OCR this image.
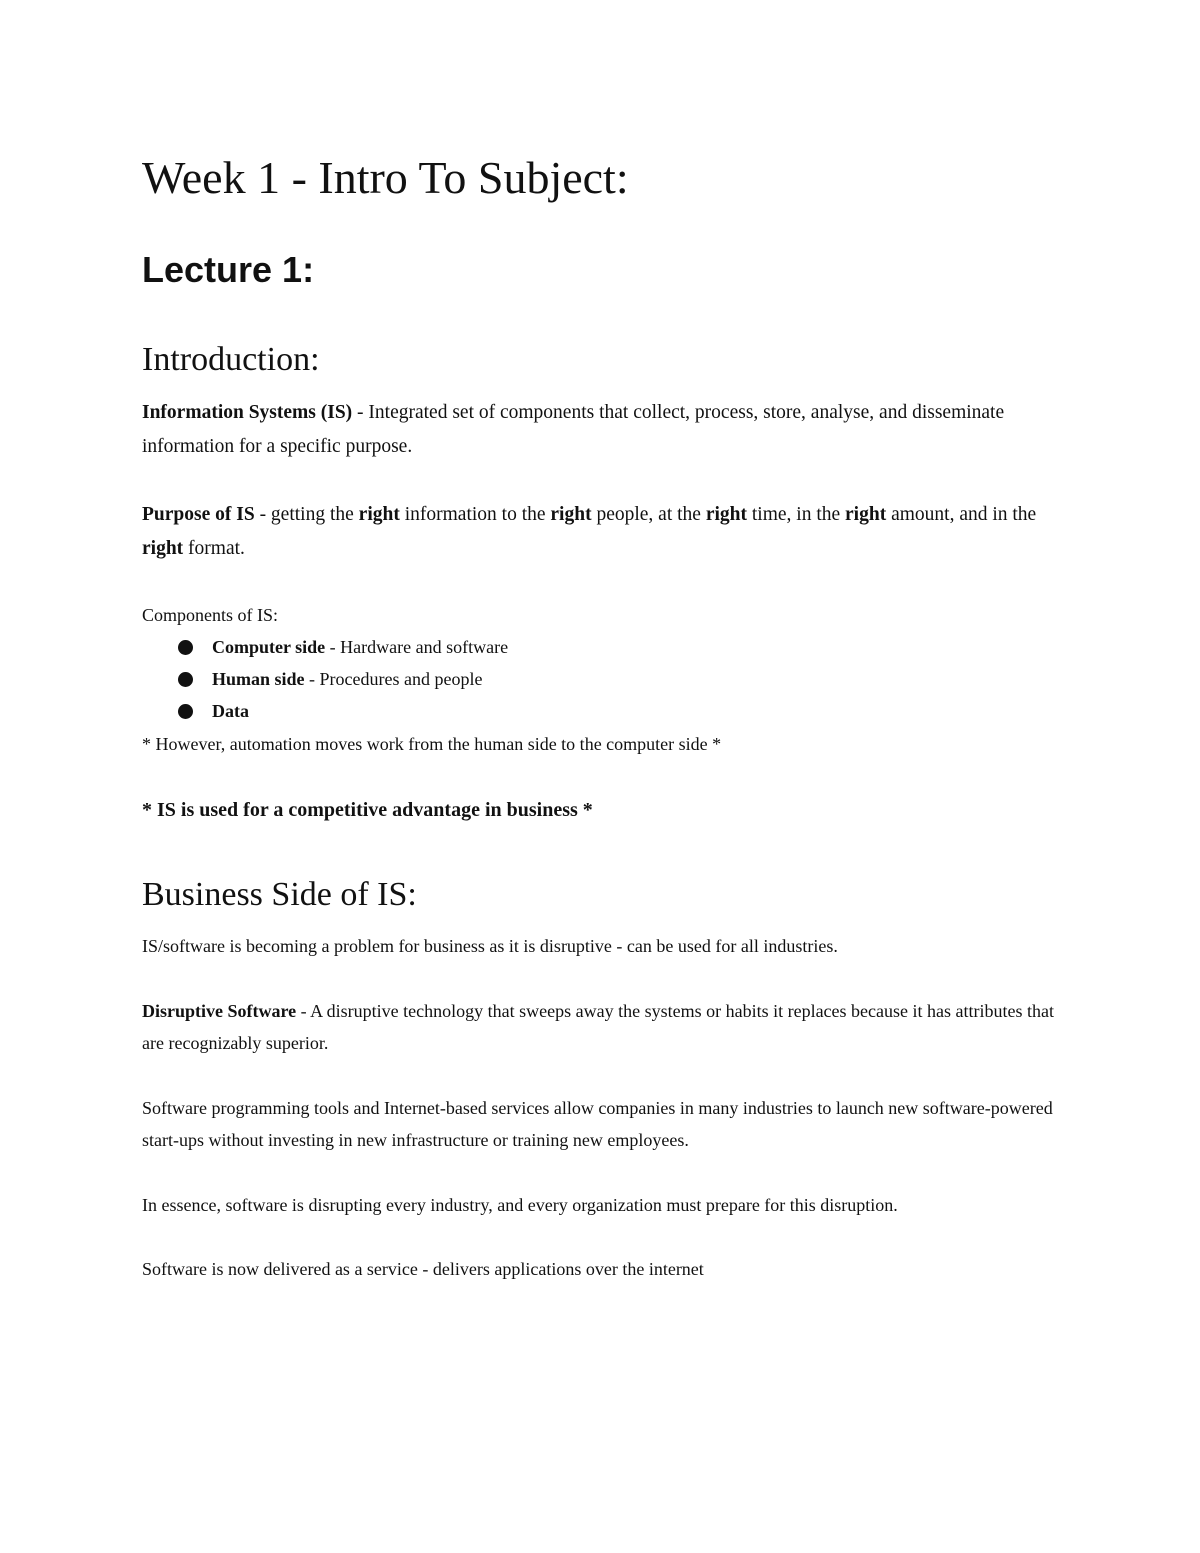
Week 1 - Intro To Subject:
Lecture 1:
Introduction:

Information Systems (IS) - Integrated set of components that collect, process, store, analyse, and disseminate information for a specific purpose.

Purpose of IS - getting the right information to the right people, at the right time, in the right amount, and in the right format.

Components of IS:

Computer side - Hardware and software
Human side - Procedures and people
Data

* However, automation moves work from the human side to the computer side *

* IS is used for a competitive advantage in business *

Business Side of IS:

IS/software is becoming a problem for business as it is disruptive - can be used for all industries.

Disruptive Software - A disruptive technology that sweeps away the systems or habits it replaces because it has attributes that are recognizably superior.

Software programming tools and Internet-based services allow companies in many industries to launch new software-powered start-ups without investing in new infrastructure or training new employees.

In essence, software is disrupting every industry, and every organization must prepare for this disruption.

Software is now delivered as a service - delivers applications over the internet
